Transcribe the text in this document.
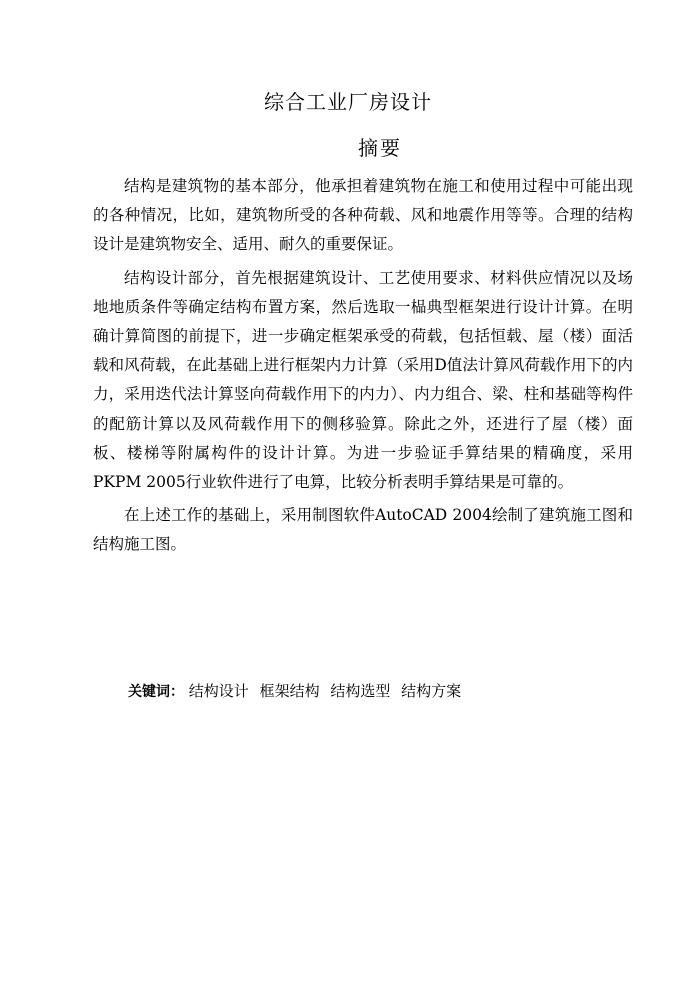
综合工业厂房设计
摘要

结构是建筑物的基本部分，他承担着建筑物在施工和使用过程中可能出现的各种情况，比如，建筑物所受的各种荷载、风和地震作用等等。合理的结构设计是建筑物安全、适用、耐久的重要保证。

结构设计部分，首先根据建筑设计、工艺使用要求、材料供应情况以及场地地质条件等确定结构布置方案，然后选取一榀典型框架进行设计计算。在明确计算简图的前提下，进一步确定框架承受的荷载，包括恒载、屋（楼）面活载和风荷载，在此基础上进行框架内力计算（采用D值法计算风荷载作用下的内力，采用迭代法计算竖向荷载作用下的内力）、内力组合、梁、柱和基础等构件的配筋计算以及风荷载作用下的侧移验算。除此之外，还进行了屋（楼）面板、楼梯等附属构件的设计计算。为进一步验证手算结果的精确度，采用PKPM 2005行业软件进行了电算，比较分析表明手算结果是可靠的。

在上述工作的基础上，采用制图软件AutoCAD 2004绘制了建筑施工图和结构施工图。

关键词： 结构设计 框架结构 结构选型 结构方案
